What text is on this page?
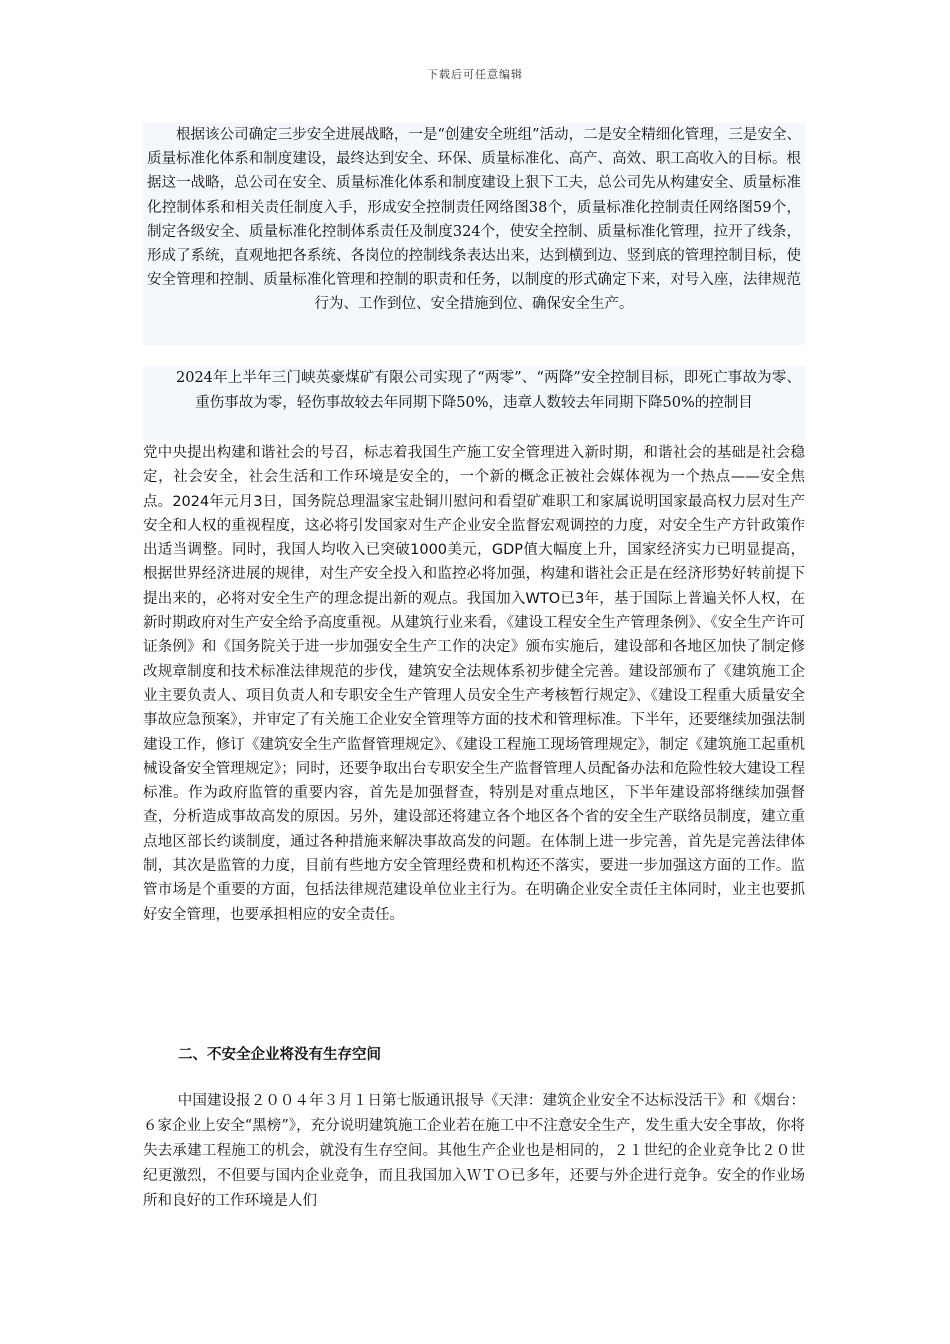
下载后可任意编辑

根据该公司确定三步安全进展战略，一是“创建安全班组”活动，二是安全精细化管理，三是安全、质量标准化体系和制度建设，最终达到安全、环保、质量标准化、高产、高效、职工高收入的目标。根据这一战略，总公司在安全、质量标准化体系和制度建设上狠下工夫，总公司先从构建安全、质量标准化控制体系和相关责任制度入手，形成安全控制责任网络图38个，质量标准化控制责任网络图59个，制定各级安全、质量标准化控制体系责任及制度324个，使安全控制、质量标准化管理，拉开了线条，形成了系统，直观地把各系统、各岗位的控制线条表达出来，达到横到边、竖到底的管理控制目标，使安全管理和控制、质量标准化管理和控制的职责和任务，以制度的形式确定下来，对号入座，法律规范行为、工作到位、安全措施到位、确保安全生产。

2024年上半年三门峡英豪煤矿有限公司实现了“两零”、“两降”安全控制目标，即死亡事故为零、重伤事故为零，轻伤事故较去年同期下降50%，违章人数较去年同期下降50%的控制目

党中央提出构建和谐社会的号召，标志着我国生产施工安全管理进入新时期，和谐社会的基础是社会稳定，社会安全，社会生活和工作环境是安全的，一个新的概念正被社会媒体视为一个热点——安全焦点。2024年元月3日，国务院总理温家宝赴铜川慰问和看望矿难职工和家属说明国家最高权力层对生产安全和人权的重视程度，这必将引发国家对生产企业安全监督宏观调控的力度，对安全生产方针政策作出适当调整。同时，我国人均收入已突破1000美元，GDP值大幅度上升，国家经济实力已明显提高，根据世界经济进展的规律，对生产安全投入和监控必将加强，构建和谐社会正是在经济形势好转前提下提出来的，必将对安全生产的理念提出新的观点。我国加入WTO已3年，基于国际上普遍关怀人权，在新时期政府对生产安全给予高度重视。从建筑行业来看，《建设工程安全生产管理条例》、《安全生产许可证条例》和《国务院关于进一步加强安全生产工作的决定》颁布实施后，建设部和各地区加快了制定修改规章制度和技术标准法律规范的步伐，建筑安全法规体系初步健全完善。建设部颁布了《建筑施工企业主要负责人、项目负责人和专职安全生产管理人员安全生产考核暂行规定》、《建设工程重大质量安全事故应急预案》，并审定了有关施工企业安全管理等方面的技术和管理标准。下半年，还要继续加强法制建设工作，修订《建筑安全生产监督管理规定》、《建设工程施工现场管理规定》，制定《建筑施工起重机械设备安全管理规定》；同时，还要争取出台专职安全生产监督管理人员配备办法和危险性较大建设工程标准。作为政府监管的重要内容，首先是加强督查，特别是对重点地区，下半年建设部将继续加强督查，分析造成事故高发的原因。另外，建设部还将建立各个地区各个省的安全生产联络员制度，建立重点地区部长约谈制度，通过各种措施来解决事故高发的问题。在体制上进一步完善，首先是完善法律体制，其次是监管的力度，目前有些地方安全管理经费和机构还不落实，要进一步加强这方面的工作。监管市场是个重要的方面，包括法律规范建设单位业主行为。在明确企业安全责任主体同时，业主也要抓好安全管理，也要承担相应的安全责任。

二、不安全企业将没有生存空间

中国建设报２００４年３月１日第七版通讯报导《天津：建筑企业安全不达标没活干》和《烟台：６家企业上安全“黑榜”》，充分说明建筑施工企业若在施工中不注意安全生产，发生重大安全事故，你将失去承建工程施工的机会，就没有生存空间。其他生产企业也是相同的，２１世纪的企业竞争比２０世纪更激烈，不但要与国内企业竞争，而且我国加入ＷＴＯ已多年，还要与外企进行竞争。安全的作业场所和良好的工作环境是人们
